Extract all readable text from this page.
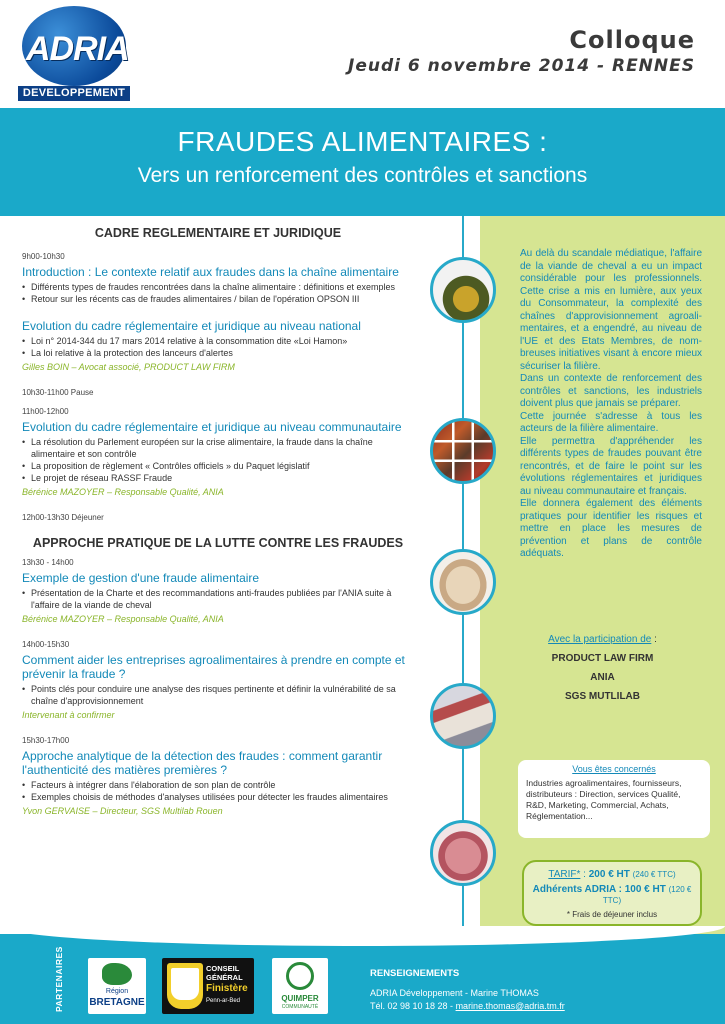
ADRIA
DEVELOPPEMENT
Colloque
Jeudi 6 novembre 2014 - RENNES
FRAUDES ALIMENTAIRES :
Vers un renforcement des contrôles et sanctions
CADRE REGLEMENTAIRE ET JURIDIQUE
9h00-10h30
Introduction : Le contexte relatif aux fraudes dans la chaîne alimentaire
• Différents types de fraudes rencontrées dans la chaîne alimentaire : définitions et exemples
• Retour sur les récents cas de fraudes alimentaires / bilan de l'opération OPSON III
Evolution du cadre réglementaire et juridique au niveau national
• Loi n° 2014-344 du 17 mars 2014 relative à la consommation dite «Loi Hamon»
• La loi relative à la protection des lanceurs d'alertes
Gilles BOIN – Avocat associé, PRODUCT LAW FIRM
10h30-11h00 Pause
11h00-12h00
Evolution du cadre réglementaire et juridique au niveau communautaire
• La résolution du Parlement européen sur la crise alimentaire, la fraude dans la chaîne alimentaire et son contrôle
• La proposition de règlement « Contrôles officiels » du Paquet législatif
• Le projet de réseau RASSF Fraude
Bérénice MAZOYER – Responsable Qualité, ANIA
12h00-13h30 Déjeuner
APPROCHE PRATIQUE DE LA LUTTE CONTRE LES FRAUDES
13h30 - 14h00
Exemple de gestion d'une fraude alimentaire
• Présentation de la Charte et des recommandations anti-fraudes publiées par l'ANIA suite à l'affaire de la viande de cheval
Bérénice MAZOYER – Responsable Qualité, ANIA
14h00-15h30
Comment aider les entreprises agroalimentaires à prendre en compte et prévenir la fraude ?
• Points clés pour conduire une analyse des risques pertinente et définir la vulnérabilité de sa chaîne d'approvisionnement
Intervenant à confirmer
15h30-17h00
Approche analytique de la détection des fraudes : comment garantir l'authenticité des matières premières ?
• Facteurs à intégrer dans l'élaboration de son plan de contrôle
• Exemples choisis de méthodes d'analyses utilisées pour détecter les fraudes alimentaires
Yvon GERVAISE – Directeur, SGS Multilab Rouen

Au delà du scandale médiatique, l'affaire de la viande de cheval a eu un impact considérable pour les professionnels. Cette crise a mis en lumière, aux yeux du Consommateur, la complexité des chaînes d'approvisionnement agroalimentaires, et a engendré, au niveau de l'UE et des Etats Membres, de nombreuses initiatives visant à encore mieux sécuriser la filière.

Dans un contexte de renforcement des contrôles et sanctions, les industriels doivent plus que jamais se préparer.

Cette journée s'adresse à tous les acteurs de la filière alimentaire.

Elle permettra d'appréhender les différents types de fraudes pouvant être rencontrés, et de faire le point sur les évolutions réglementaires et juridiques au niveau communautaire et français.

Elle donnera également des éléments pratiques pour identifier les risques et mettre en place les mesures de prévention et plans de contrôle adéquats.

Avec la participation de :
PRODUCT LAW FIRM
ANIA
SGS MUTLILAB
Vous êtes concernés
Industries agroalimentaires, fournisseurs, distributeurs : Direction, services Qualité, R&D, Marketing, Commercial, Achats, Réglementation...
TARIF* : 200 € HT (240 € TTC)
Adhérents ADRIA : 100 € HT (120 € TTC)
* Frais de déjeuner inclus
PARTENAIRES	Région
BRETAGNE
CONSEIL GÉNÉRAL
Finistère
Penn-ar-Bed	QUIMPER
COMMUNAUTÉ
RENSEIGNEMENTS
ADRIA Développement - Marine THOMAS
Tél. 02 98 10 18 28 - marine.thomas@adria.tm.fr
